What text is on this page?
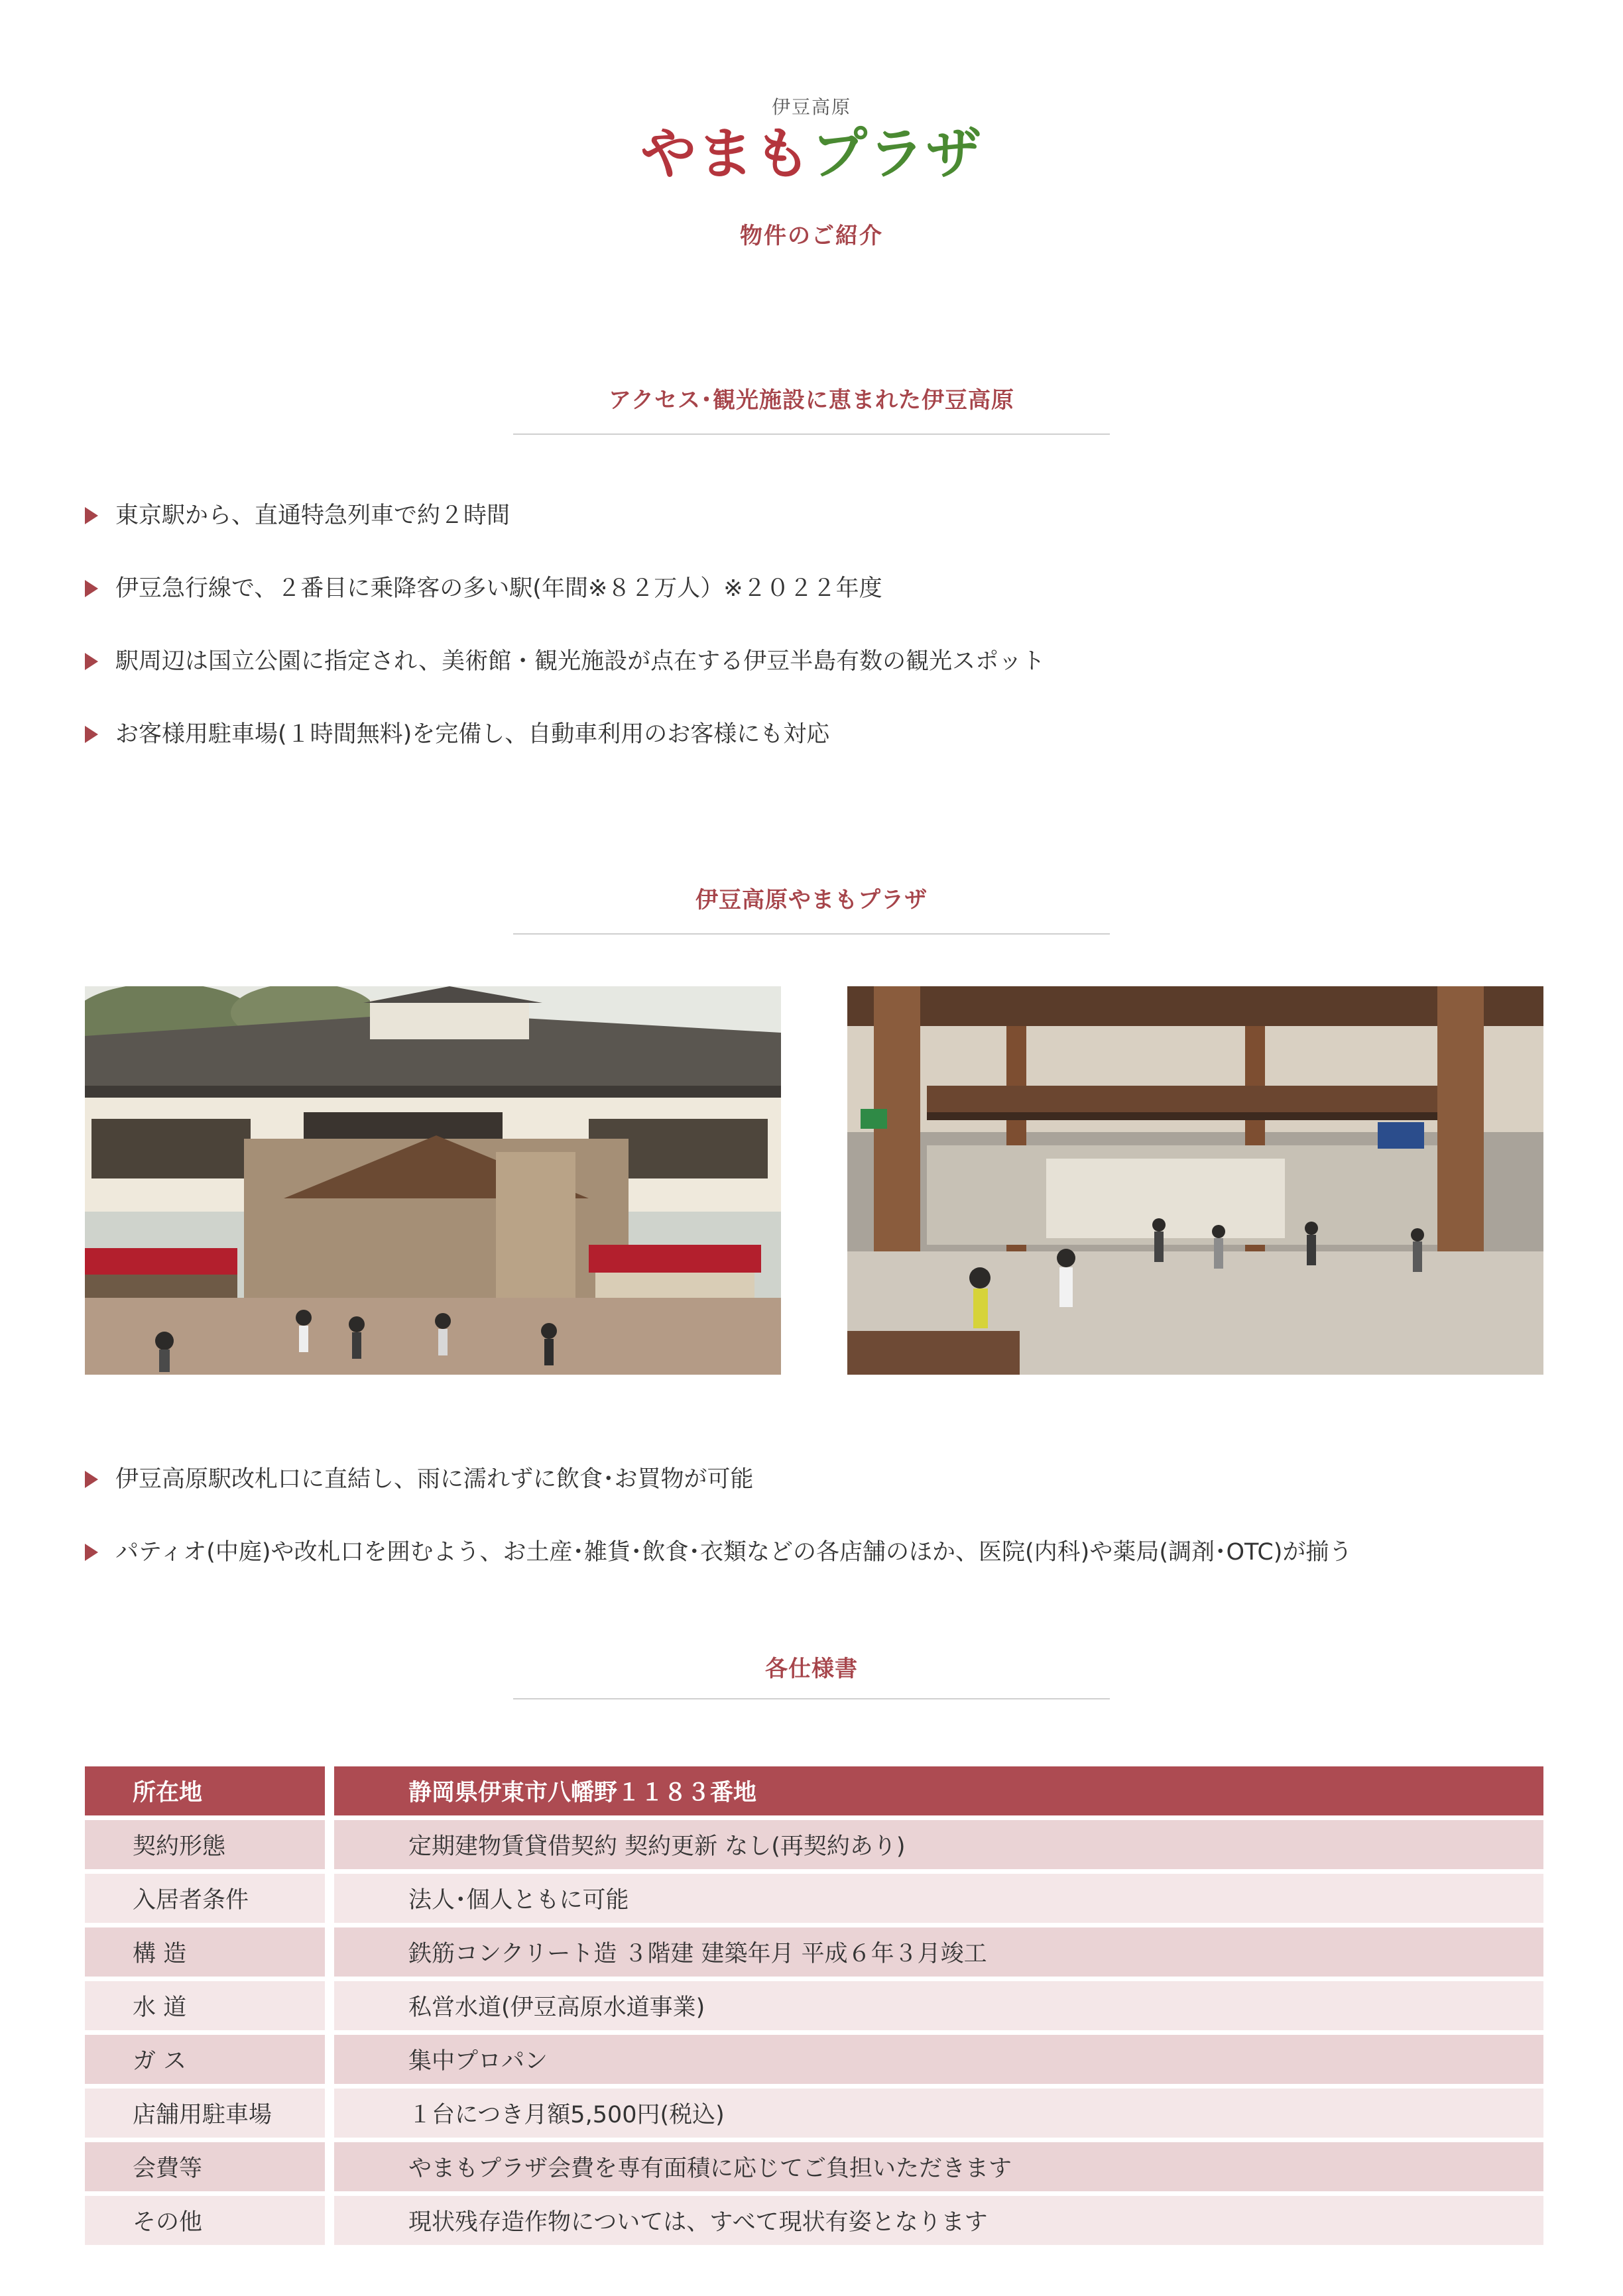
伊豆高原
やまもプラザ
物件のご紹介
アクセス･観光施設に恵まれた伊豆高原
東京駅から、直通特急列車で約２時間
伊豆急行線で、２番目に乗降客の多い駅(年間※８２万人）※２０２２年度
駅周辺は国立公園に指定され、美術館・観光施設が点在する伊豆半島有数の観光スポット
お客様用駐車場(１時間無料)を完備し、自動車利用のお客様にも対応
伊豆高原やまもプラザ
伊豆高原駅改札口に直結し、雨に濡れずに飲食･お買物が可能
パティオ(中庭)や改札口を囲むよう、お土産･雑貨･飲食･衣類などの各店舗のほか、医院(内科)や薬局(調剤･OTC)が揃う
各仕様書
所在地	静岡県伊東市八幡野１１８３番地
契約形態	定期建物賃貸借契約 契約更新 なし(再契約あり)
入居者条件	法人･個人ともに可能
構 造	鉄筋コンクリート造 ３階建 建築年月 平成６年３月竣工
水 道	私営水道(伊豆高原水道事業)
ガ ス	集中プロパン
店舗用駐車場	１台につき月額5,500円(税込)
会費等	やまもプラザ会費を専有面積に応じてご負担いただきます
その他	現状残存造作物については、すべて現状有姿となります
